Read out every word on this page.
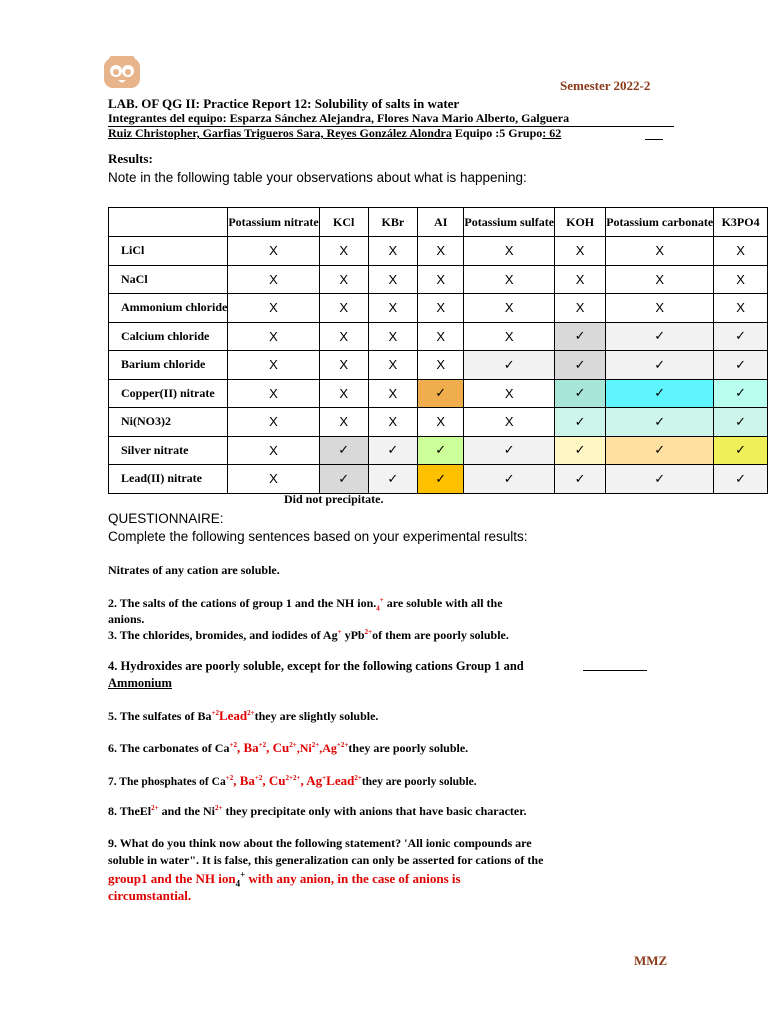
Semester 2022-2
LAB. OF QG II: Practice Report 12: Solubility of salts in water
Integrantes del equipo: Esparza Sánchez Alejandra, Flores Nava Mario Alberto, Galguera
Ruiz Christopher, Garfias Trigueros Sara, Reyes González Alondra Equipo :5 Grupo: 62
Results:
Note in the following table your observations about what is happening:
	Potassium nitrate	KCl	KBr	AI	Potassium sulfate	KOH	Potassium carbonate	K3PO4
LiCl	X	X	X	X	X	X	X	X
NaCl	X	X	X	X	X	X	X	X
Ammonium chloride	X	X	X	X	X	X	X	X
Calcium chloride	X	X	X	X	X	✓	✓	✓
Barium chloride	X	X	X	X	✓	✓	✓	✓
Copper(II) nitrate	X	X	X	✓	X	✓	✓	✓
Ni(NO3)2	X	X	X	X	X	✓	✓	✓
Silver nitrate	X	✓	✓	✓	✓	✓	✓	✓
Lead(II) nitrate	X	✓	✓	✓	✓	✓	✓	✓
Did not precipitate.
QUESTIONNAIRE:
Complete the following sentences based on your experimental results:
Nitrates of any cation are soluble.
2. The salts of the cations of group 1 and the NH $ion._4^+$ are soluble with all the
anions.
3. The chlorides, bromides, and iodides of Ag+ yPb$^{2+}$of them are poorly soluble.
4. Hydroxides are poorly soluble, except for the following cations Group 1 and
Ammonium
5. The sulfates of $Ba^{+2}Lead^{2+}they$ are slightly soluble.
6. The carbonates of $Ca^{+2}$, $Ba^{+2}$, $Cu^{2+},Ni^{2+},Ag^{+2+}they$ are poorly soluble.
7. The phosphates of $Ca^{+2}$, $Ba^{+2}$, $Cu^{2+2+}$, Ag+Lead$^{2+}$they are poorly soluble.
8. TheEl$^{2+}$ and the $Ni^{2+}$ they precipitate only with anions that have basic character.
9. What do you think now about the following statement? 'All ionic compounds are
soluble in water". It is false, this generalization can only be asserted for cations of the
group1 and the NH ion$_4$+ with any anion, in the case of anions is
circumstantial.
MMZ
